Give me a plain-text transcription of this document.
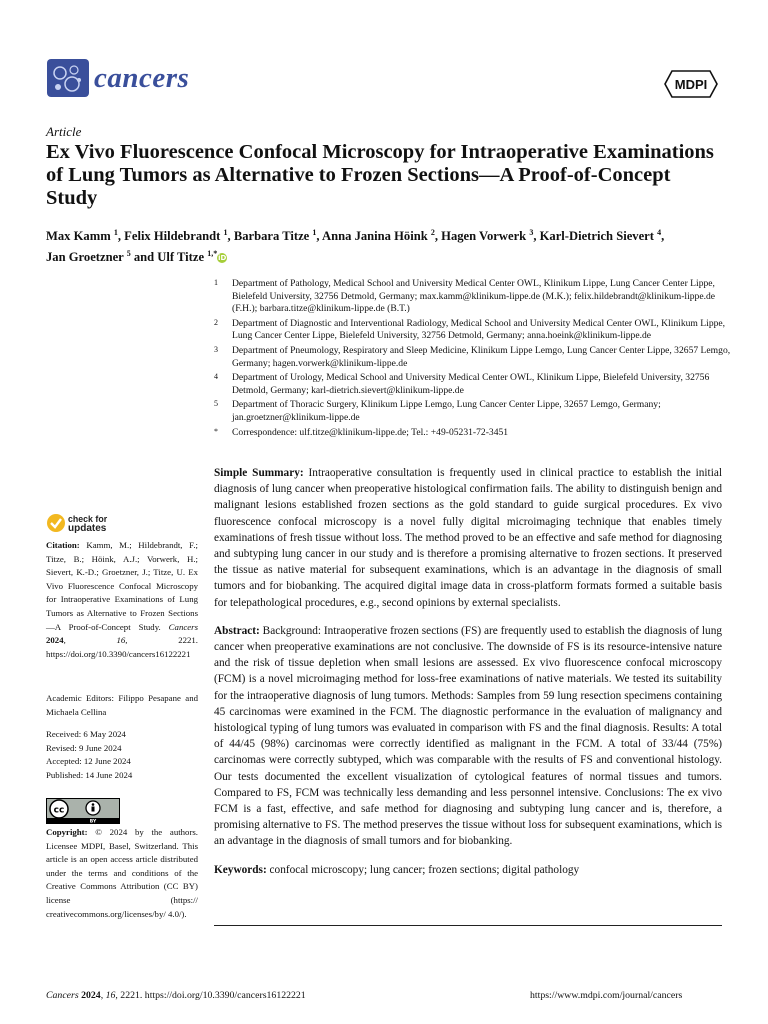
cancers	MDPI
Article
Ex Vivo Fluorescence Confocal Microscopy for Intraoperative Examinations of Lung Tumors as Alternative to Frozen Sections—A Proof-of-Concept Study
Max Kamm $^1$, Felix Hildebrandt $^1$, Barbara Titze $^1$, Anna Janina Höink $^2$, Hagen Vorwerk $^3$, Karl-Dietrich Sievert $^4$,
Jan Groetzner $^5$ and Ulf Titze $^{1,*}$iD
1	Department of Pathology, Medical School and University Medical Center OWL, Klinikum Lippe, Lung Cancer Center Lippe, Bielefeld University, 32756 Detmold, Germany; max.kamm@klinikum-lippe.de (M.K.); felix.hildebrandt@klinikum-lippe.de (F.H.); barbara.titze@klinikum-lippe.de (B.T.)
2	Department of Diagnostic and Interventional Radiology, Medical School and University Medical Center OWL, Klinikum Lippe, Lung Cancer Center Lippe, Bielefeld University, 32756 Detmold, Germany; anna.hoeink@klinikum-lippe.de
3	Department of Pneumology, Respiratory and Sleep Medicine, Klinikum Lippe Lemgo, Lung Cancer Center Lippe, 32657 Lemgo, Germany; hagen.vorwerk@klinikum-lippe.de
4	Department of Urology, Medical School and University Medical Center OWL, Klinikum Lippe, Bielefeld University, 32756 Detmold, Germany; karl-dietrich.sievert@klinikum-lippe.de
5	Department of Thoracic Surgery, Klinikum Lippe Lemgo, Lung Cancer Center Lippe, 32657 Lemgo, Germany; jan.groetzner@klinikum-lippe.de
*	Correspondence: ulf.titze@klinikum-lippe.de; Tel.: +49-05231-72-3451

Simple Summary: Intraoperative consultation is frequently used in clinical practice to establish the initial diagnosis of lung cancer when preoperative histological confirmation fails. The ability to distinguish benign and malignant lesions established frozen sections as the gold standard to guide surgical procedures. Ex vivo fluorescence confocal microscopy is a novel fully digital microimaging technique that enables timely examinations of fresh tissue without loss. The method proved to be an effective and safe method for diagnosing and subtyping lung cancer in our study and is therefore a promising alternative to frozen sections. It preserved the tissue as native material for subsequent examinations, which is an advantage in the diagnosis of small tumors and for biobanking. The acquired digital image data in cross-platform formats formed a suitable basis for telepathological procedures, e.g., second opinions by external specialists.

Abstract: Background: Intraoperative frozen sections (FS) are frequently used to establish the diagnosis of lung cancer when preoperative examinations are not conclusive. The downside of FS is its resource-intensive nature and the risk of tissue depletion when small lesions are assessed. Ex vivo fluorescence confocal microscopy (FCM) is a novel microimaging method for loss-free examinations of native materials. We tested its suitability for the intraoperative diagnosis of lung tumors. Methods: Samples from 59 lung resection specimens containing 45 carcinomas were examined in the FCM. The diagnostic performance in the evaluation of malignancy and histological typing of lung tumors was evaluated in comparison with FS and the final diagnosis. Results: A total of 44/45 (98%) carcinomas were correctly identified as malignant in the FCM. A total of 33/44 (75%) carcinomas were correctly subtyped, which was comparable with the results of FS and conventional histology. Our tests documented the excellent visualization of cytological features of normal tissues and tumors. Compared to FS, FCM was technically less demanding and less personnel intensive. Conclusions: The ex vivo FCM is a fast, effective, and safe method for diagnosing and subtyping lung cancer and is, therefore, a promising alternative to FS. The method preserves the tissue without loss for subsequent examinations, which is an advantage in the diagnosis of small tumors and for biobanking.

Keywords: confocal microscopy; lung cancer; frozen sections; digital pathology

check for
updates
Citation: Kamm, M.; Hildebrandt, F.; Titze, B.; Höink, A.J.; Vorwerk, H.; Sievert, K.-D.; Groetzner, J.; Titze, U. Ex Vivo Fluorescence Confocal Microscopy for Intraoperative Examinations of Lung Tumors as Alternative to Frozen Sections—A Proof-of-Concept Study. Cancers 2024, 16, 2221. https://doi.org/10.3390/cancers16122221
Academic Editors: Filippo Pesapane and Michaela Cellina
Received: 6 May 2024
Revised: 9 June 2024
Accepted: 12 June 2024
Published: 14 June 2024
cc
BY
Copyright: © 2024 by the authors. Licensee MDPI, Basel, Switzerland. This article is an open access article distributed under the terms and conditions of the Creative Commons Attribution (CC BY) license (https:// creativecommons.org/licenses/by/ 4.0/).
Cancers 2024, 16, 2221. https://doi.org/10.3390/cancers16122221	https://www.mdpi.com/journal/cancers
